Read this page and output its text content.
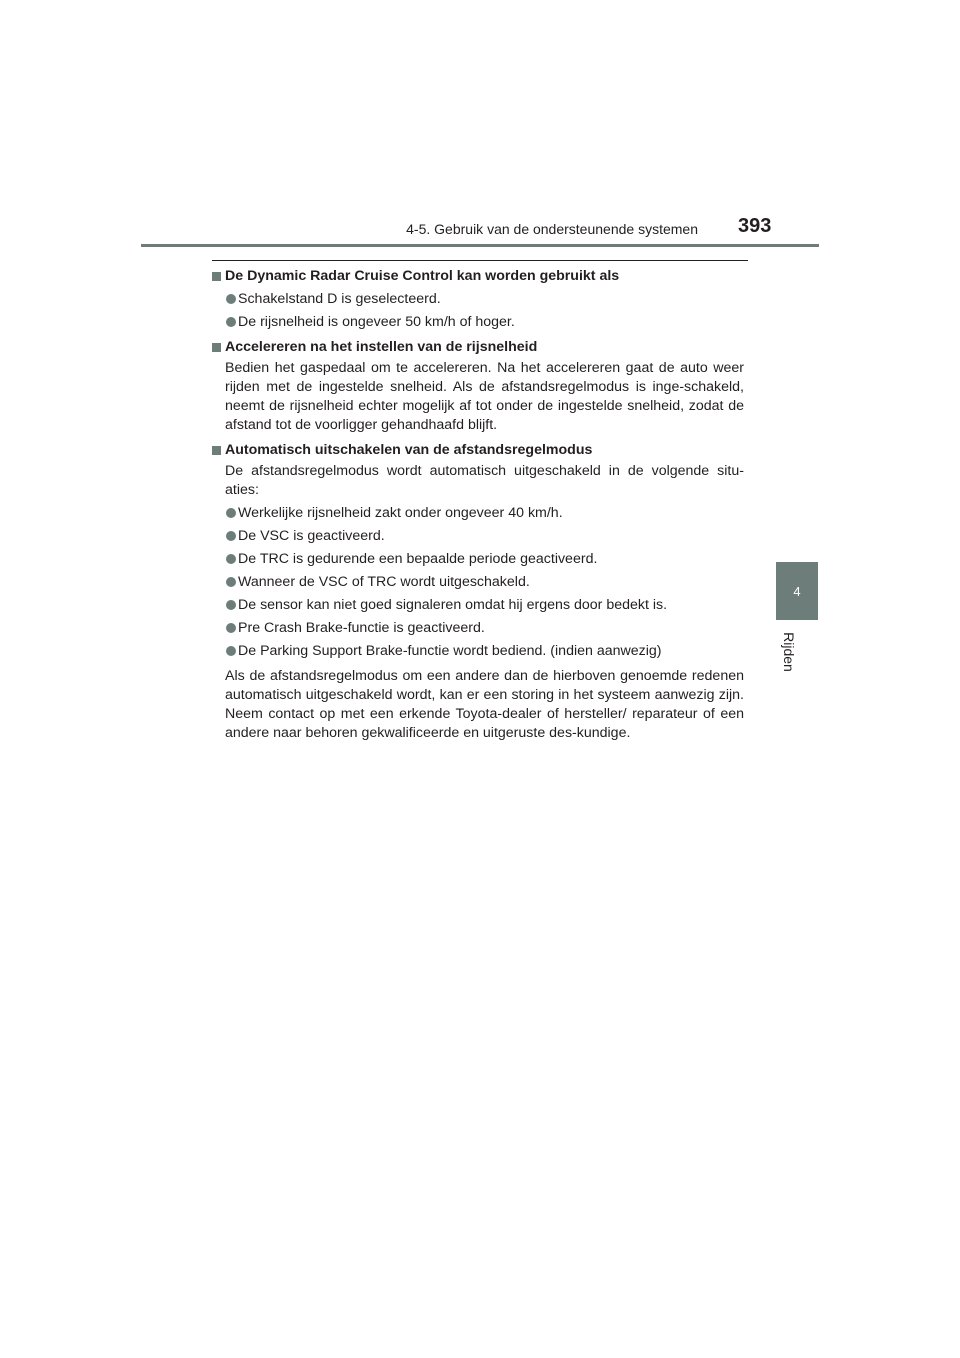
4-5. Gebruik van de ondersteunende systemen 393
4
Rijden
De Dynamic Radar Cruise Control kan worden gebruikt als
Schakelstand D is geselecteerd.
De rijsnelheid is ongeveer 50 km/h of hoger.
Accelereren na het instellen van de rijsnelheid
Bedien het gaspedaal om te accelereren. Na het accelereren gaat de auto weer rijden met de ingestelde snelheid. Als de afstandsregelmodus is inge-schakeld, neemt de rijsnelheid echter mogelijk af tot onder de ingestelde snelheid, zodat de afstand tot de voorligger gehandhaafd blijft.
Automatisch uitschakelen van de afstandsregelmodus
De afstandsregelmodus wordt automatisch uitgeschakeld in de volgende situ-aties:
Werkelijke rijsnelheid zakt onder ongeveer 40 km/h.
De VSC is geactiveerd.
De TRC is gedurende een bepaalde periode geactiveerd.
Wanneer de VSC of TRC wordt uitgeschakeld.
De sensor kan niet goed signaleren omdat hij ergens door bedekt is.
Pre Crash Brake-functie is geactiveerd.
De Parking Support Brake-functie wordt bediend. (indien aanwezig)
Als de afstandsregelmodus om een andere dan de hierboven genoemde redenen automatisch uitgeschakeld wordt, kan er een storing in het systeem aanwezig zijn. Neem contact op met een erkende Toyota-dealer of hersteller/ reparateur of een andere naar behoren gekwalificeerde en uitgeruste des-kundige.
